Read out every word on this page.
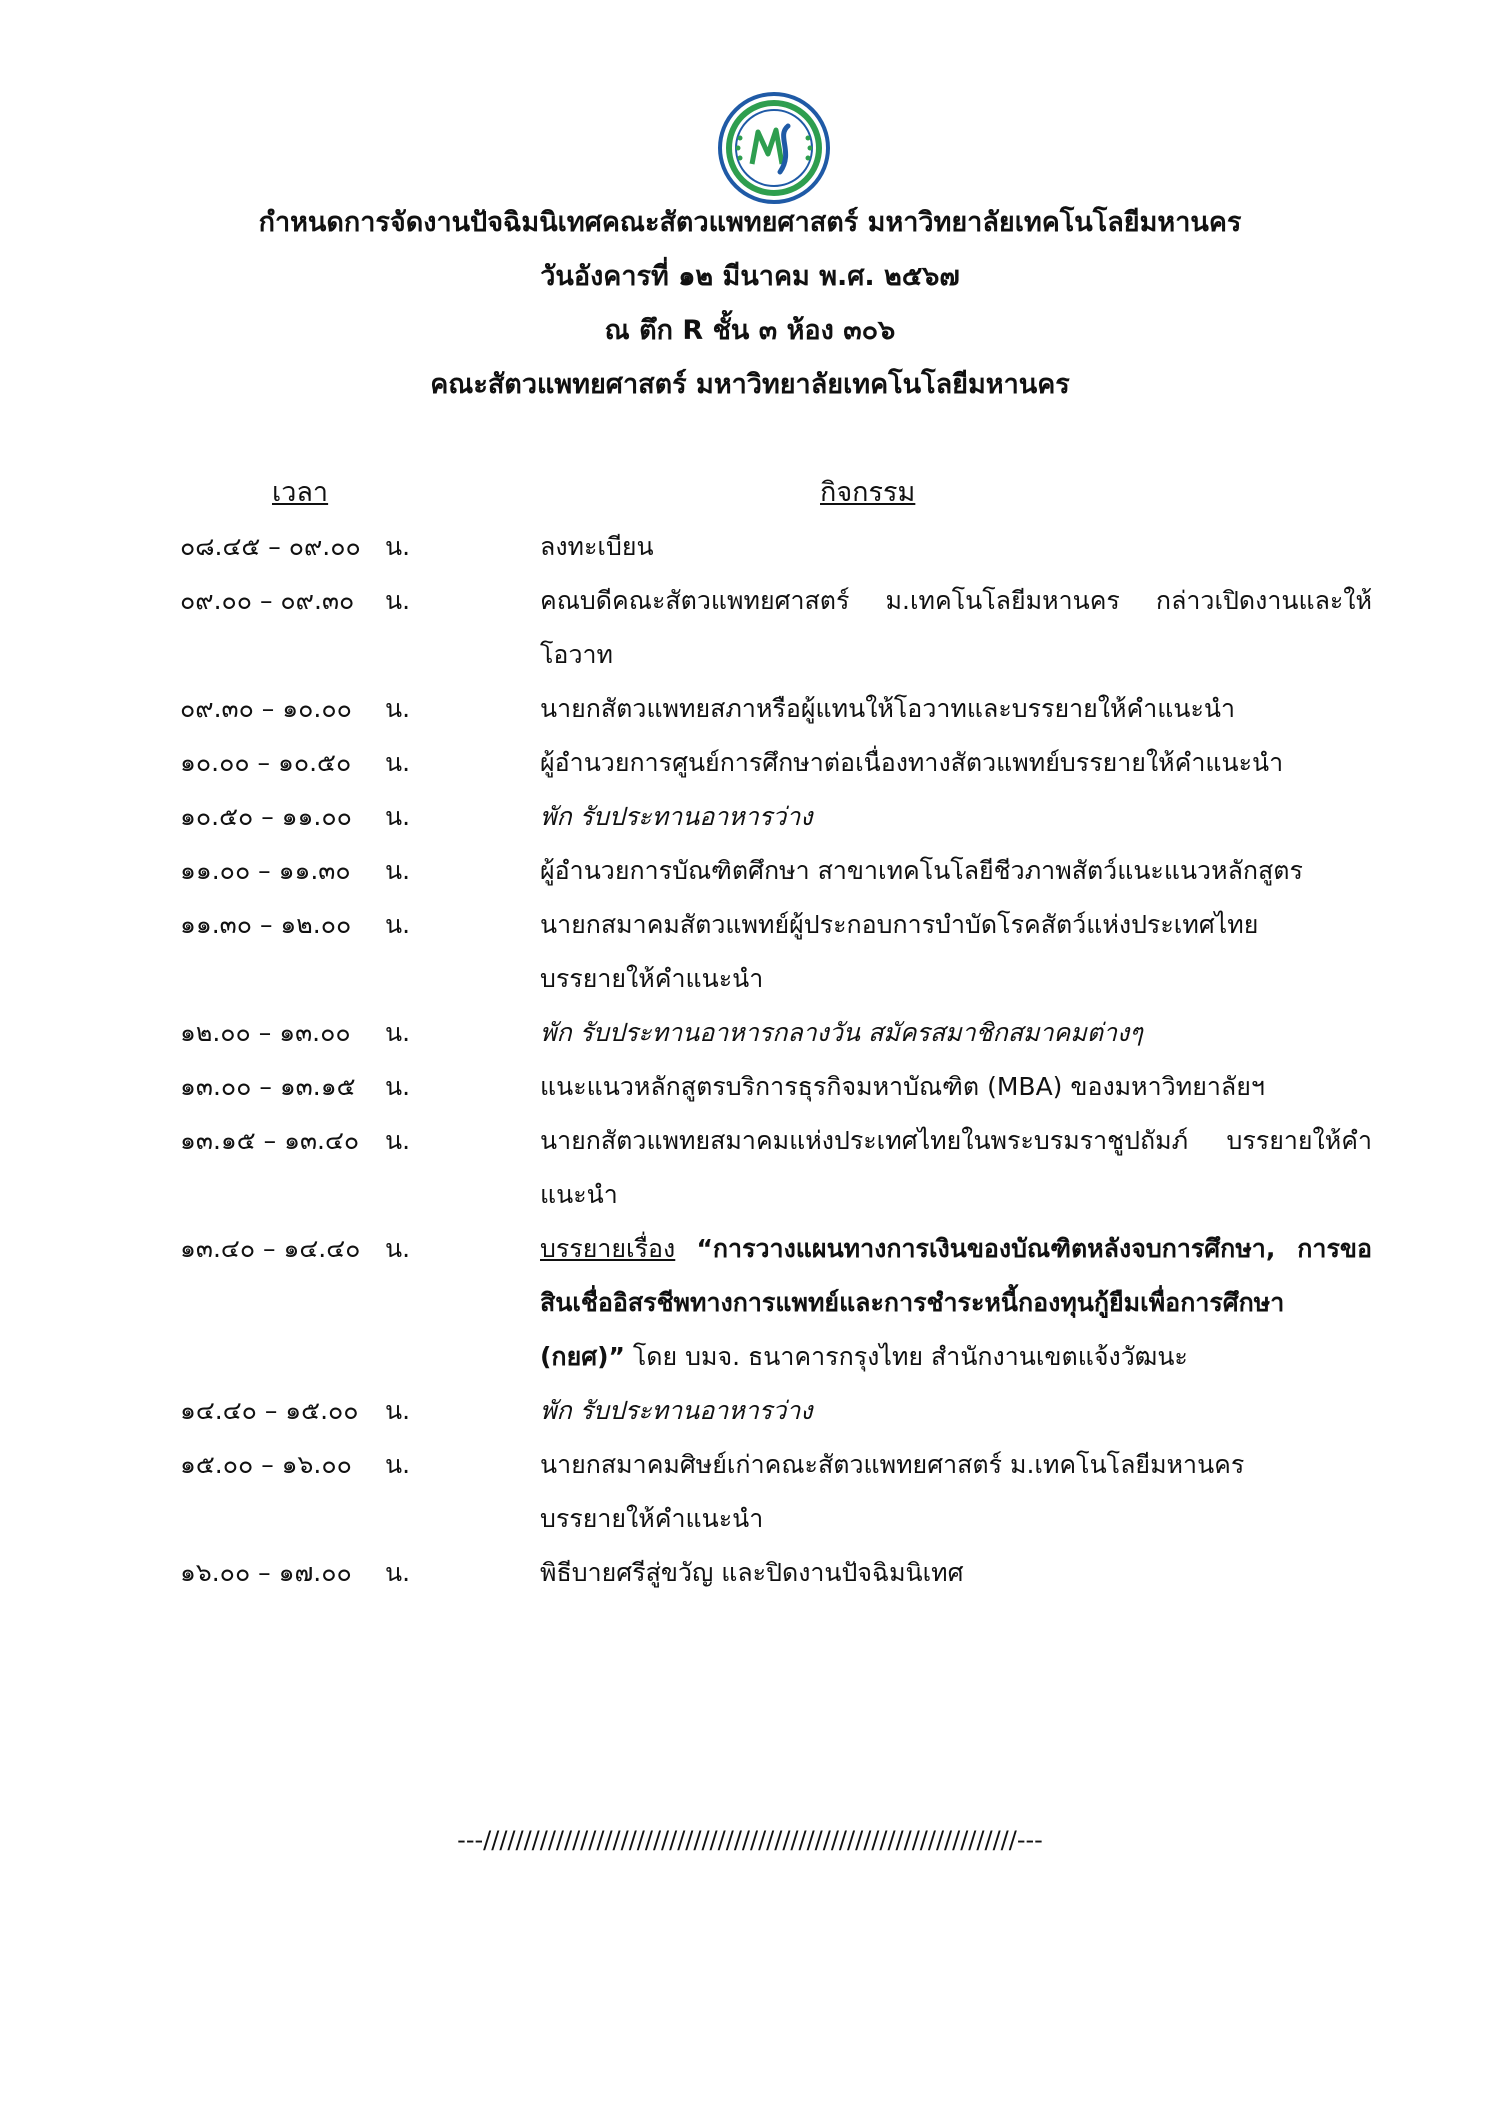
กำหนดการจัดงานปัจฉิมนิเทศคณะสัตวแพทยศาสตร์ มหาวิทยาลัยเทคโนโลยีมหานคร
วันอังคารที่ ๑๒ มีนาคม พ.ศ. ๒๕๖๗
ณ ตึก R ชั้น ๓ ห้อง ๓๐๖
คณะสัตวแพทยศาสตร์ มหาวิทยาลัยเทคโนโลยีมหานคร
เวลา	กิจกรรม
๐๘.๔๕ – ๐๙.๐๐ น.	ลงทะเบียน
๐๙.๐๐ – ๐๙.๓๐ น.	คณบดีคณะสัตวแพทยศาสตร์ ม.เทคโนโลยีมหานคร กล่าวเปิดงานและให้โอวาท
๐๙.๓๐ – ๑๐.๐๐ น.	นายกสัตวแพทยสภาหรือผู้แทนให้โอวาทและบรรยายให้คำแนะนำ
๑๐.๐๐ – ๑๐.๕๐ น.	ผู้อำนวยการศูนย์การศึกษาต่อเนื่องทางสัตวแพทย์บรรยายให้คำแนะนำ
๑๐.๕๐ – ๑๑.๐๐ น.	พัก รับประทานอาหารว่าง
๑๑.๐๐ – ๑๑.๓๐ น.	ผู้อำนวยการบัณฑิตศึกษา สาขาเทคโนโลยีชีวภาพสัตว์แนะแนวหลักสูตร
๑๑.๓๐ – ๑๒.๐๐ น.	นายกสมาคมสัตวแพทย์ผู้ประกอบการบำบัดโรคสัตว์แห่งประเทศไทย
บรรยายให้คำแนะนำ
๑๒.๐๐ – ๑๓.๐๐ น.	พัก รับประทานอาหารกลางวัน สมัครสมาชิกสมาคมต่างๆ
๑๓.๐๐ – ๑๓.๑๕ น.	แนะแนวหลักสูตรบริการธุรกิจมหาบัณฑิต (MBA) ของมหาวิทยาลัยฯ
๑๓.๑๕ – ๑๓.๔๐ น.	นายกสัตวแพทยสมาคมแห่งประเทศไทยในพระบรมราชูปถัมภ์ บรรยายให้คำแนะนำ
๑๓.๔๐ – ๑๔.๔๐ น.	บรรยายเรื่อง “การวางแผนทางการเงินของบัณฑิตหลังจบการศึกษา, การขอสินเชื่ออิสรชีพทางการแพทย์และการชำระหนี้กองทุนกู้ยืมเพื่อการศึกษา (กยศ)” โดย บมจ. ธนาคารกรุงไทย สำนักงานเขตแจ้งวัฒนะ
๑๔.๔๐ – ๑๕.๐๐ น.	พัก รับประทานอาหารว่าง
๑๕.๐๐ – ๑๖.๐๐ น.	นายกสมาคมศิษย์เก่าคณะสัตวแพทยศาสตร์ ม.เทคโนโลยีมหานคร
บรรยายให้คำแนะนำ
๑๖.๐๐ – ๑๗.๐๐ น.	พิธีบายศรีสู่ขวัญ และปิดงานปัจฉิมนิเทศ
---//////////////////////////////////////////////////////////////////---
